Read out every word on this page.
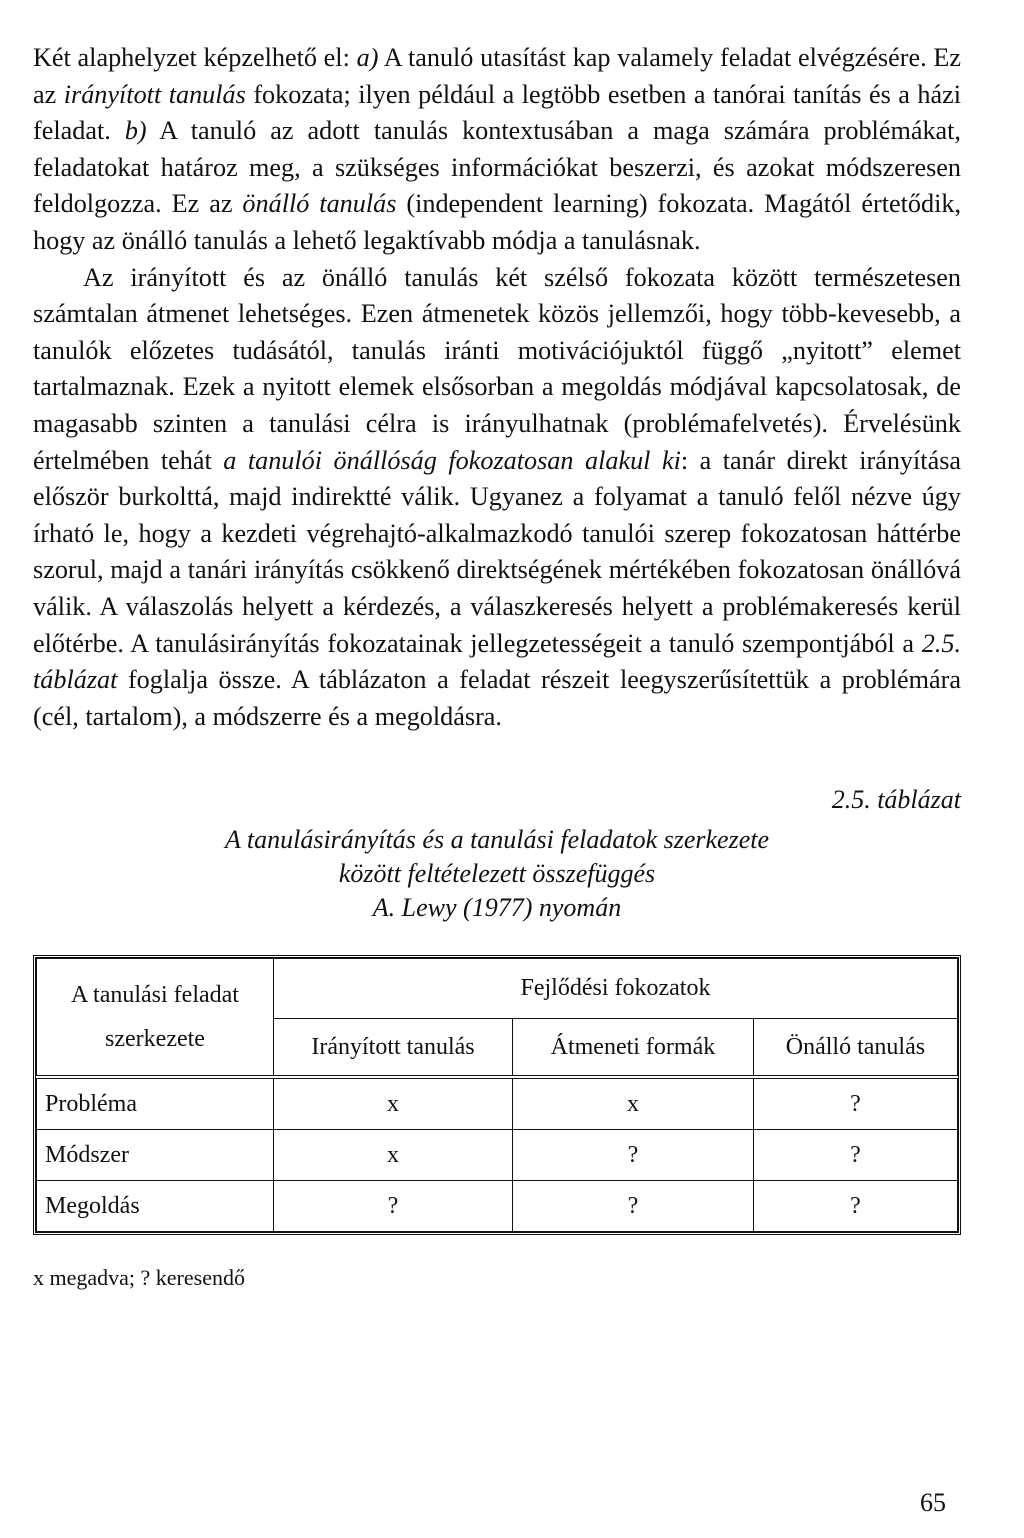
Két alaphelyzet képzelhető el: a) A tanuló utasítást kap valamely feladat elvégzésére. Ez az irányított tanulás fokozata; ilyen például a legtöbb esetben a tanórai tanítás és a házi feladat. b) A tanuló az adott tanulás kontextusában a maga számára problémákat, feladatokat határoz meg, a szükséges információkat beszerzi, és azokat módszeresen feldolgozza. Ez az önálló tanulás (independent learning) fokozata. Magától értetődik, hogy az önálló tanulás a lehető legaktívabb módja a tanulásnak.

Az irányított és az önálló tanulás két szélső fokozata között természetesen számtalan átmenet lehetséges. Ezen átmenetek közös jellemzői, hogy több-kevesebb, a tanulók előzetes tudásától, tanulás iránti motivációjuktól függő „nyitott” elemet tartalmaznak. Ezek a nyitott elemek elsősorban a megoldás módjával kapcsolatosak, de magasabb szinten a tanulási célra is irányulhatnak (problémafelvetés). Érvelésünk értelmében tehát a tanulói önállóság fokozatosan alakul ki: a tanár direkt irányítása először burkolttá, majd indirektté válik. Ugyanez a folyamat a tanuló felől nézve úgy írható le, hogy a kezdeti végrehajtó-alkalmazkodó tanulói szerep fokozatosan háttérbe szorul, majd a tanári irányítás csökkenő direktségének mértékében fokozatosan önállóvá válik. A válaszolás helyett a kérdezés, a válaszkeresés helyett a problémakeresés kerül előtérbe. A tanulásirányítás fokozatainak jellegzetességeit a tanuló szempontjából a 2.5. táblázat foglalja össze. A táblázaton a feladat részeit leegyszerűsítettük a problémára (cél, tartalom), a módszerre és a megoldásra.

2.5. táblázat
A tanulásirányítás és a tanulási feladatok szerkezete
között feltételezett összefüggés
A. Lewy (1977) nyomán
A tanulási feladat
szerkezete	Fejlődési fokozatok		
	Irányított tanulás	Átmeneti formák	Önálló tanulás
Probléma	x	x	?
Módszer	x	?	?
Megoldás	?	?	?
x megadva; ? keresendő
65
